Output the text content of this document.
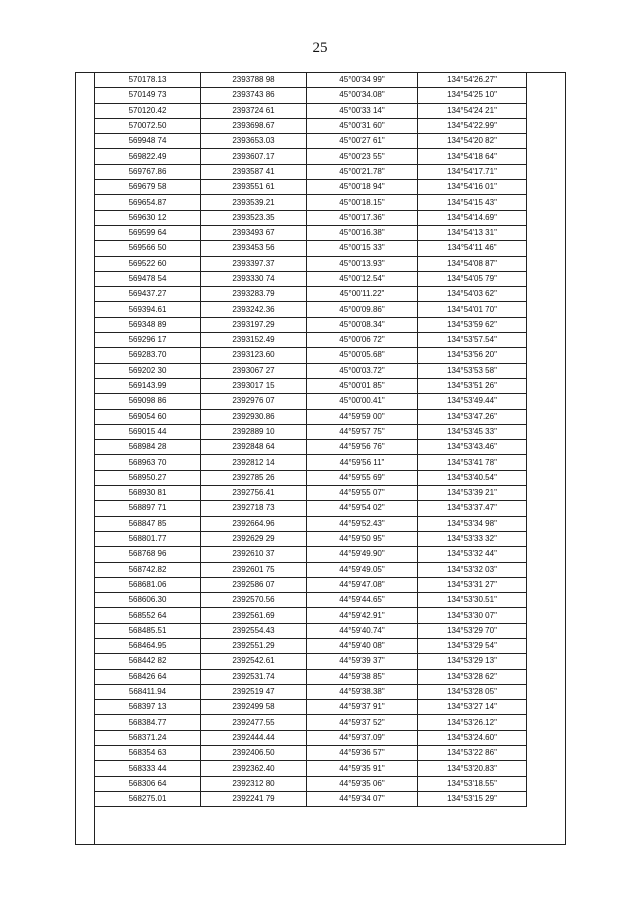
25
570178.13	2393788 98	45°00'34 99"	134°54'26.27"
570149 73	2393743 86	45°00'34.08"	134°54'25 10"
570120.42	2393724 61	45°00'33 14"	134°54'24 21"
570072.50	2393698.67	45°00'31 60"	134°54'22.99"
569948 74	2393653.03	45°00'27 61"	134°54'20 82"
569822.49	2393607.17	45°00'23 55"	134°54'18 64"
569767.86	2393587 41	45°00'21.78"	134°54'17.71"
569679 58	2393551 61	45°00'18 94"	134°54'16 01"
569654.87	2393539.21	45°00'18.15"	134°54'15 43"
569630 12	2393523.35	45°00'17.36"	134°54'14.69"
569599 64	2393493 67	45°00'16.38"	134°54'13 31"
569566 50	2393453 56	45°00'15 33"	134°54'11 46"
569522 60	2393397.37	45°00'13.93"	134°54'08 87"
569478 54	2393330 74	45°00'12.54"	134°54'05 79"
569437.27	2393283.79	45°00'11.22"	134°54'03 62"
569394.61	2393242.36	45°00'09.86"	134°54'01 70"
569348 89	2393197.29	45°00'08.34"	134°53'59 62"
569296 17	2393152.49	45°00'06 72"	134°53'57.54"
569283.70	2393123.60	45°00'05.68"	134°53'56 20"
569202 30	2393067 27	45°00'03.72"	134°53'53 58"
569143.99	2393017 15	45°00'01 85"	134°53'51 26"
569098 86	2392976 07	45°00'00.41"	134°53'49.44"
569054 60	2392930.86	44°59'59 00"	134°53'47.26"
569015 44	2392889 10	44°59'57 75"	134°53'45 33"
568984 28	2392848 64	44°59'56 76"	134°53'43.46"
568963 70	2392812 14	44°59'56 11"	134°53'41 78"
568950.27	2392785 26	44°59'55 69"	134°53'40.54"
568930 81	2392756.41	44°59'55 07"	134°53'39 21"
568897 71	2392718 73	44°59'54 02"	134°53'37.47"
568847 85	2392664.96	44°59'52.43"	134°53'34 98"
568801.77	2392629 29	44°59'50 95"	134°53'33 32"
568768 96	2392610 37	44°59'49.90"	134°53'32 44"
568742.82	2392601 75	44°59'49.05"	134°53'32 03"
568681.06	2392586 07	44°59'47.08"	134°53'31 27"
568606.30	2392570.56	44°59'44.65"	134°53'30.51"
568552 64	2392561.69	44°59'42.91"	134°53'30 07"
568485.51	2392554.43	44°59'40.74"	134°53'29 70"
568464.95	2392551.29	44°59'40 08"	134°53'29 54"
568442 82	2392542.61	44°59'39 37"	134°53'29 13"
568426 64	2392531.74	44°59'38 85"	134°53'28 62"
568411.94	2392519 47	44°59'38.38"	134°53'28 05"
568397 13	2392499 58	44°59'37 91"	134°53'27 14"
568384.77	2392477.55	44°59'37 52"	134°53'26.12"
568371.24	2392444.44	44°59'37.09"	134°53'24.60"
568354 63	2392406.50	44°59'36 57"	134°53'22 86"
568333 44	2392362.40	44°59'35 91"	134°53'20.83"
568306 64	2392312 80	44°59'35 06"	134°53'18.55"
568275.01	2392241 79	44°59'34 07"	134°53'15 29"
